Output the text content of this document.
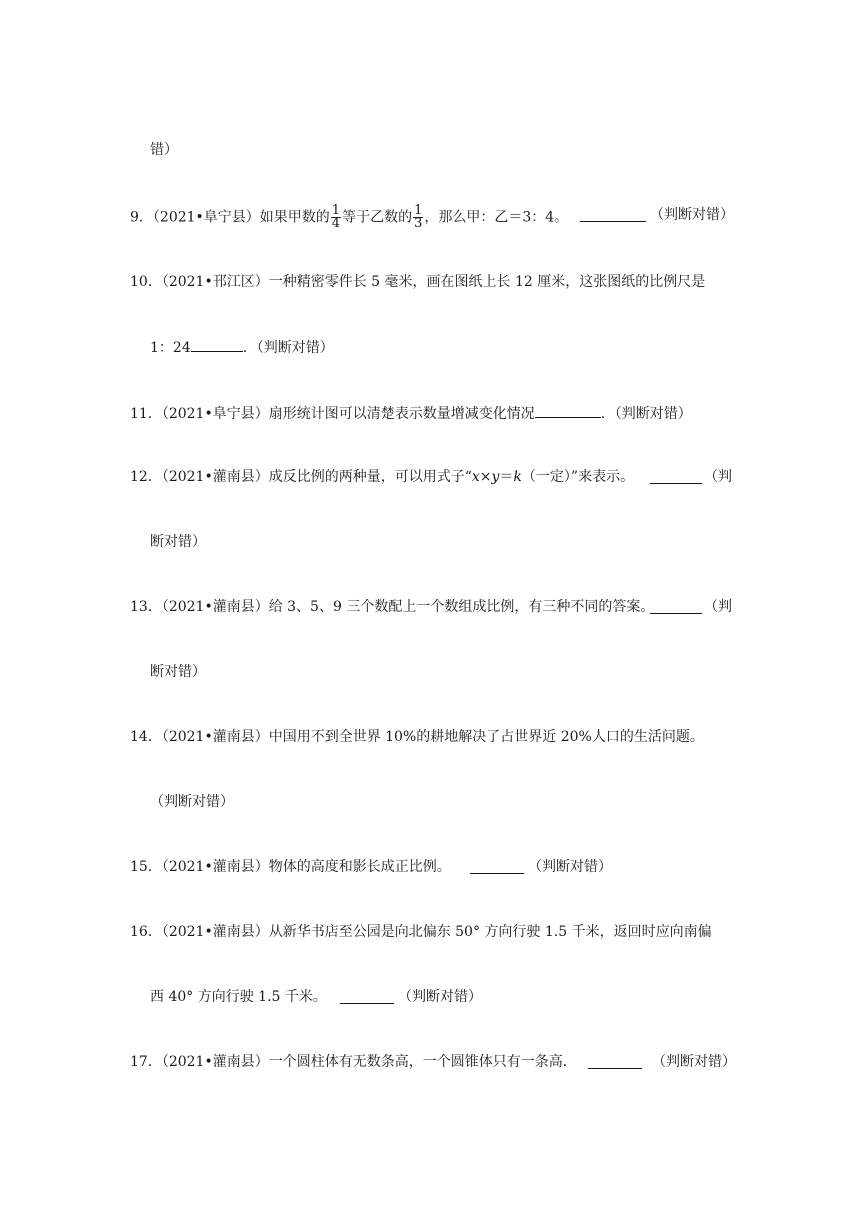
错）
9．（2021•阜宁县）如果甲数的 $\frac{1}{4}$ 等于乙数的 $\frac{1}{3}$ ，那么甲：乙＝3：4。	（判断对错）
10．（2021•邗江区）一种精密零件长 5 毫米，画在图纸上长 12 厘米，这张图纸的比例尺是
1：24	．（判断对错）
11．（2021•阜宁县）扇形统计图可以清楚表示数量增减变化情况	．（判断对错）
12．（2021•灌南县）成反比例的两种量，可以用式子“x×y＝k（一定）”来表示。	（判
断对错）
13．（2021•灌南县）给 3、5、9 三个数配上一个数组成比例，有三种不同的答案。	（判
断对错）
14．（2021•灌南县）中国用不到全世界 10%的耕地解决了占世界近 20%人口的生活问题。
（判断对错）
15．（2021•灌南县）物体的高度和影长成正比例。	（判断对错）
16．（2021•灌南县）从新华书店至公园是向北偏东 50° 方向行驶 1.5 千米，返回时应向南偏
西 40° 方向行驶 1.5 千米。	（判断对错）
17．（2021•灌南县）一个圆柱体有无数条高，一个圆锥体只有一条高．	（判断对错）
